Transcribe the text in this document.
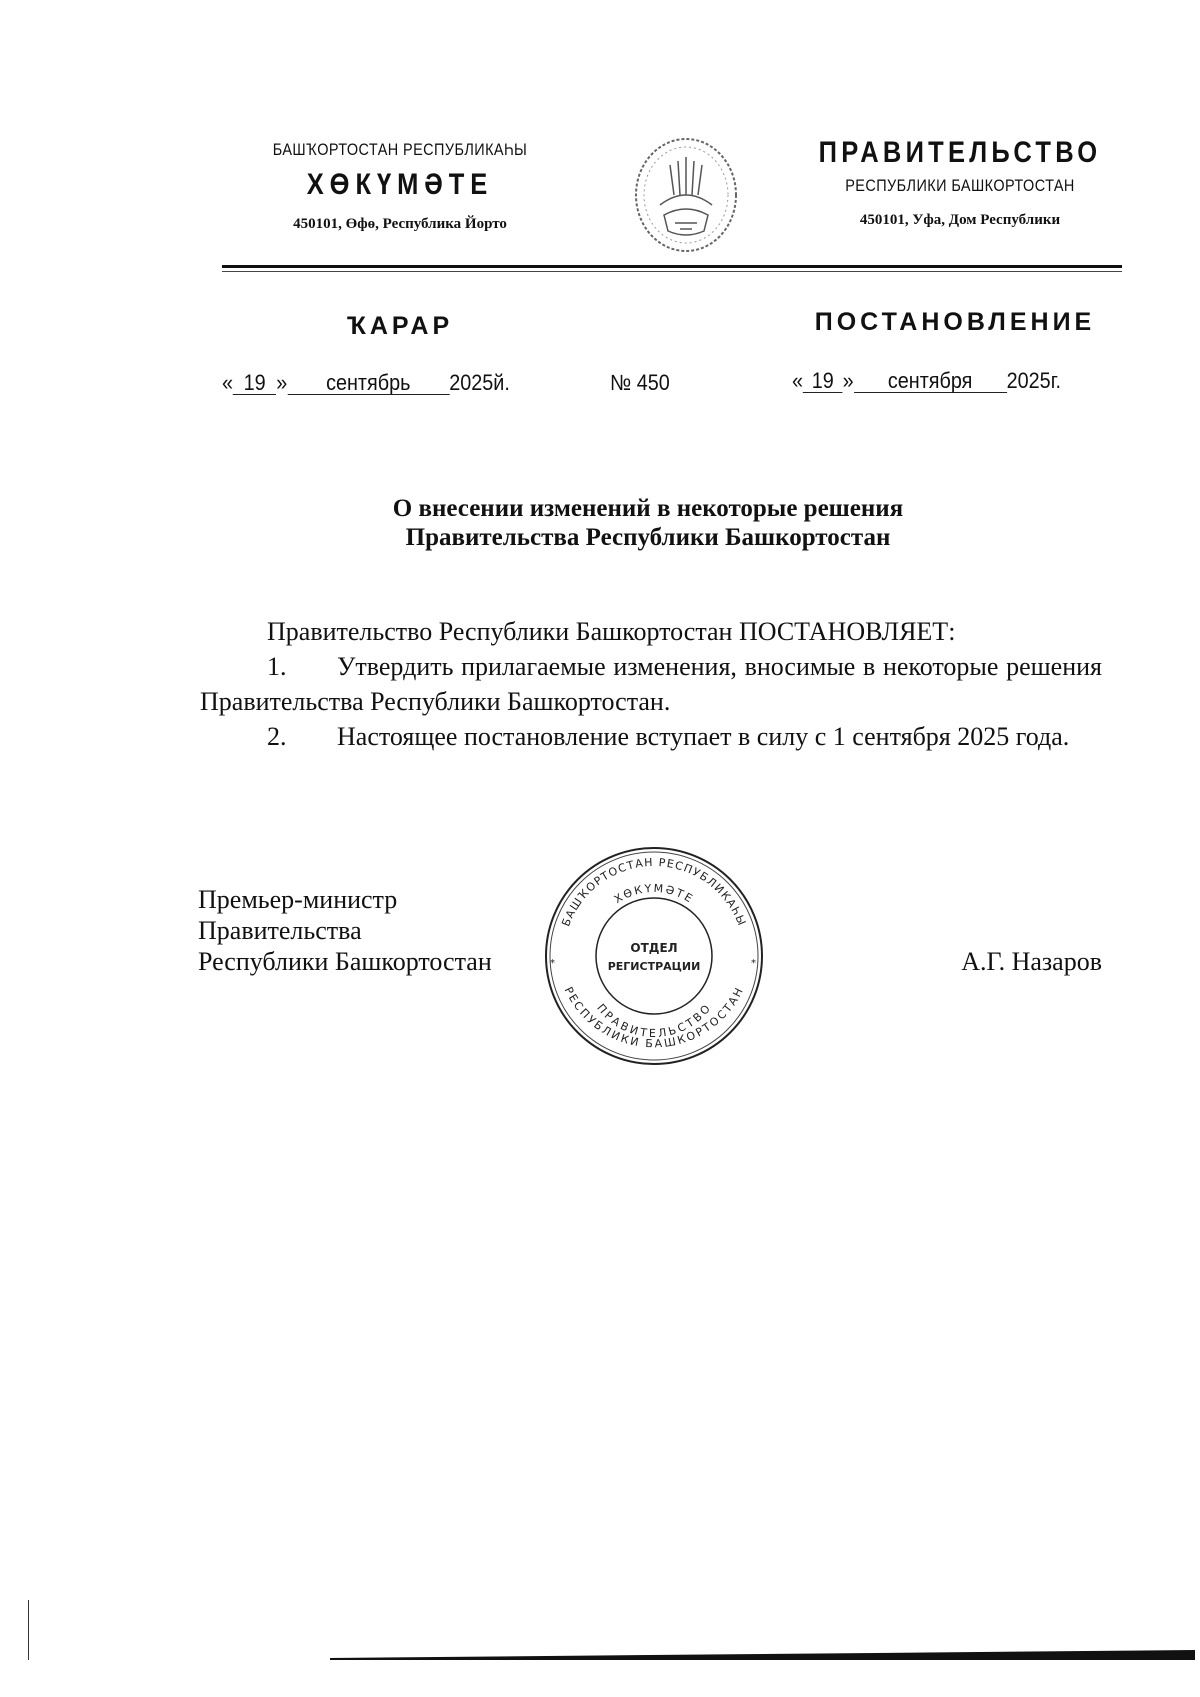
БАШҠОРТОСТАН РЕСПУБЛИКАҺЫ
ХӨКҮМӘТЕ
450101, Өфө, Республика Йорто
ПРАВИТЕЛЬСТВО
РЕСПУБЛИКИ БАШКОРТОСТАН
450101, Уфа, Дом Республики
ҠАРАР	ПОСТАНОВЛЕНИЕ
« 19 » сентябрь 2025й.	№ 450	« 19 » сентября 2025г.
О внесении изменений в некоторые решения
Правительства Республики Башкортостан

Правительство Республики Башкортостан ПОСТАНОВЛЯЕТ:

1. Утвердить прилагаемые изменения, вносимые в некоторые решения Правительства Республики Башкортостан.

2. Настоящее постановление вступает в силу с 1 сентября 2025 года.

Премьер-министр
Правительства
Республики Башкортостан	А.Г. Назаров
БАШҠОРТОСТАН РЕСПУБЛИКАҺЫ
РЕСПУБЛИКИ БАШКОРТОСТАН
ХӨКҮМӘТЕ
ПРАВИТЕЛЬСТВО
ОТДЕЛ
РЕГИСТРАЦИИ
*	*
